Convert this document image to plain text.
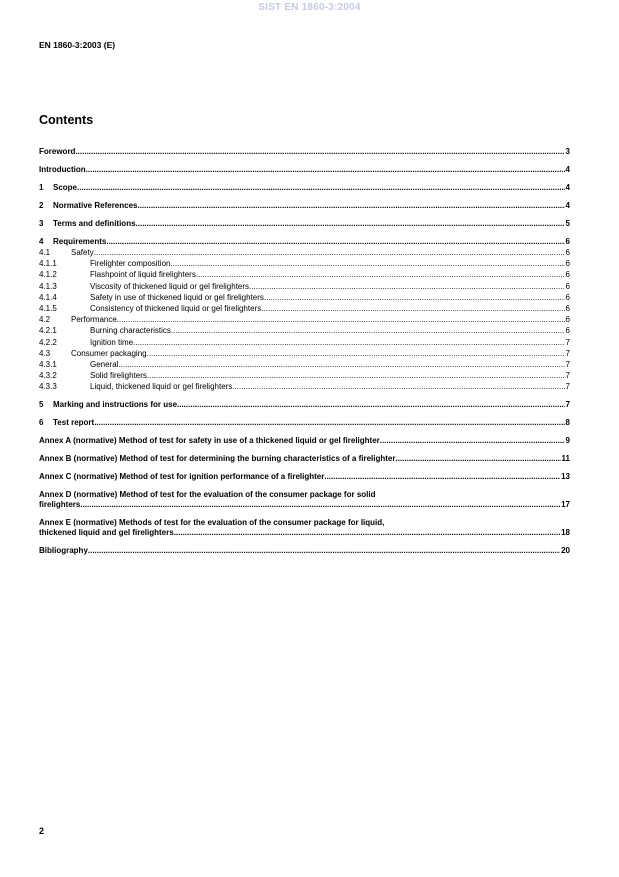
SIST EN 1860-3:2004
EN 1860-3:2003 (E)
Contents
Foreword .....	3
Introduction .....	4
1	Scope .....	4
2	Normative References .....	4
3	Terms and definitions .....	5
4	Requirements .....	6
4.1	Safety .....	6
4.1.1	Firelighter composition .....	6
4.1.2	Flashpoint of liquid firelighters .....	6
4.1.3	Viscosity of thickened liquid or gel firelighters .....	6
4.1.4	Safety in use of thickened liquid or gel firelighters .....	6
4.1.5	Consistency of thickened liquid or gel firelighters .....	6
4.2	Performance .....	6
4.2.1	Burning characteristics .....	6
4.2.2	Ignition time .....	7
4.3	Consumer packaging .....	7
4.3.1	General .....	7
4.3.2	Solid firelighters .....	7
4.3.3	Liquid, thickened liquid or gel firelighters .....	7
5	Marking and instructions for use .....	7
6	Test report .....	8
Annex A (normative) Method of test for safety in use of a thickened liquid or gel firelighter .....	9
Annex B (normative) Method of test for determining the burning characteristics of a firelighter .....	11
Annex C (normative) Method of test for ignition performance of a firelighter .....	13
Annex D (normative) Method of test for the evaluation of the consumer package for solid
firelighters .....	17
Annex E (normative) Methods of test for the evaluation of the consumer package for liquid,
thickened liquid and gel firelighters .....	18
Bibliography .....	20
2
